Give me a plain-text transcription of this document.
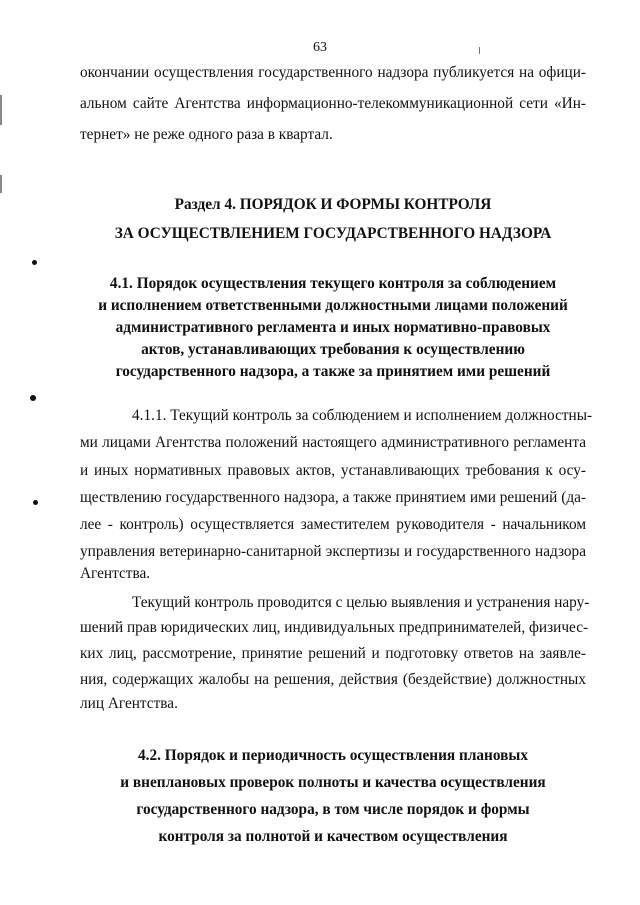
63
окончании осуществления государственного надзора публикуется на офици-
альном сайте Агентства информационно-телекоммуникационной сети «Ин-
тернет» не реже одного раза в квартал.
Раздел 4. ПОРЯДОК И ФОРМЫ КОНТРОЛЯ
ЗА ОСУЩЕСТВЛЕНИЕМ ГОСУДАРСТВЕННОГО НАДЗОРА
4.1. Порядок осуществления текущего контроля за соблюдением
и исполнением ответственными должностными лицами положений
административного регламента и иных нормативно-правовых
актов, устанавливающих требования к осуществлению
государственного надзора, а также за принятием ими решений
4.1.1. Текущий контроль за соблюдением и исполнением должностны-
ми лицами Агентства положений настоящего административного регламента
и иных нормативных правовых актов, устанавливающих требования к осу-
ществлению государственного надзора, а также принятием ими решений (да-
лее - контроль) осуществляется заместителем руководителя - начальником
управления ветеринарно-санитарной экспертизы и государственного надзора
Агентства.
Текущий контроль проводится с целью выявления и устранения нару-
шений прав юридических лиц, индивидуальных предпринимателей, физичес-
ких лиц, рассмотрение, принятие решений и подготовку ответов на заявле-
ния, содержащих жалобы на решения, действия (бездействие) должностных
лиц Агентства.
4.2. Порядок и периодичность осуществления плановых
и внеплановых проверок полноты и качества осуществления
государственного надзора, в том числе порядок и формы
контроля за полнотой и качеством осуществления
